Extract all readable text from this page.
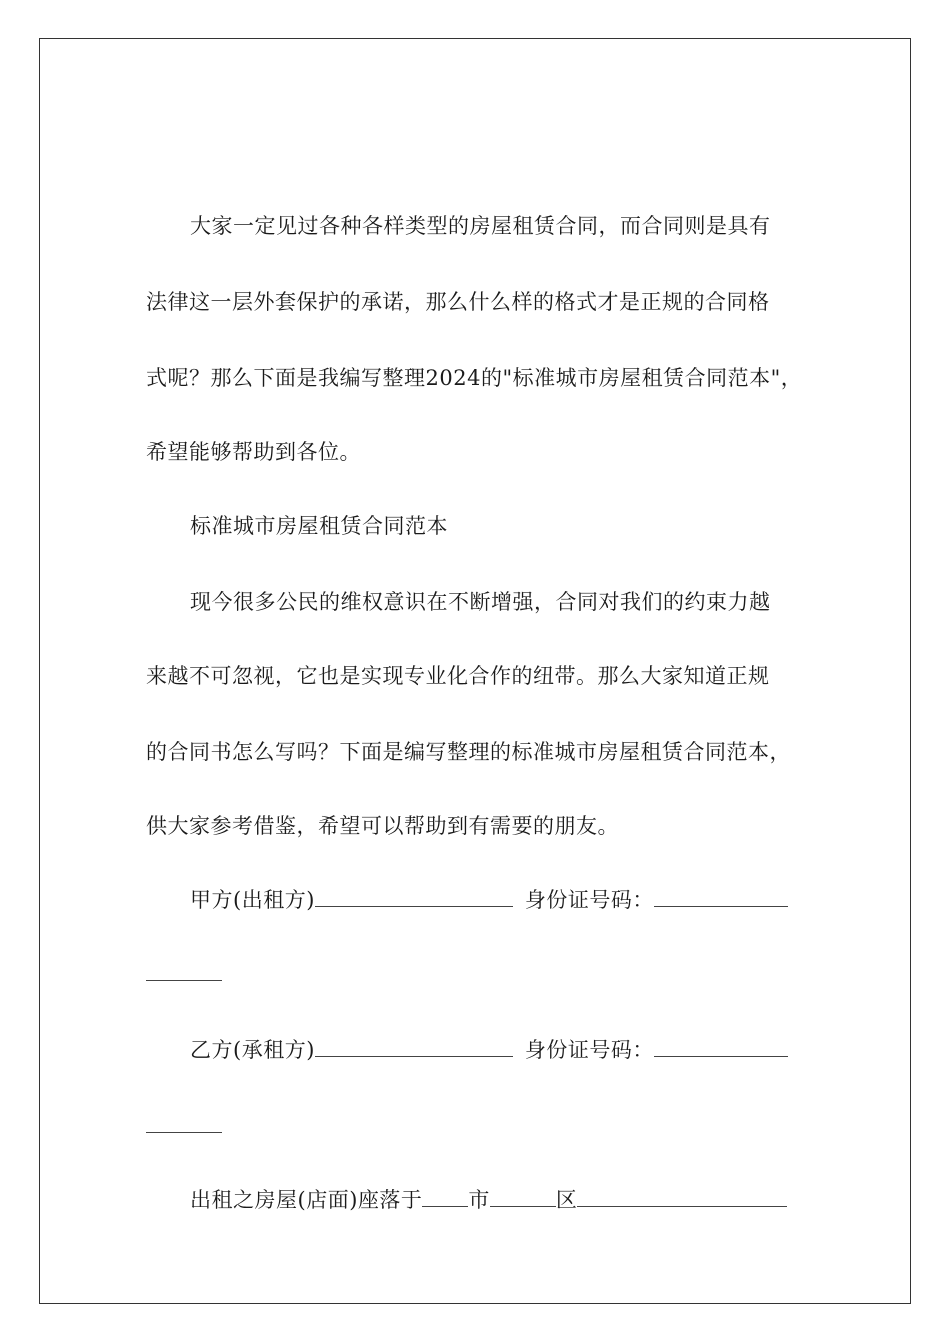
大家一定见过各种各样类型的房屋租赁合同，而合同则是具有
法律这一层外套保护的承诺，那么什么样的格式才是正规的合同格
式呢？那么下面是我编写整理2024的"标准城市房屋租赁合同范本"，
希望能够帮助到各位。
标准城市房屋租赁合同范本
现今很多公民的维权意识在不断增强，合同对我们的约束力越
来越不可忽视，它也是实现专业化合作的纽带。那么大家知道正规
的合同书怎么写吗？下面是编写整理的标准城市房屋租赁合同范本，
供大家参考借鉴，希望可以帮助到有需要的朋友。
甲方(出租方)	身份证号码：
乙方(承租方)	身份证号码：
出租之房屋(店面)座落于 市	区
